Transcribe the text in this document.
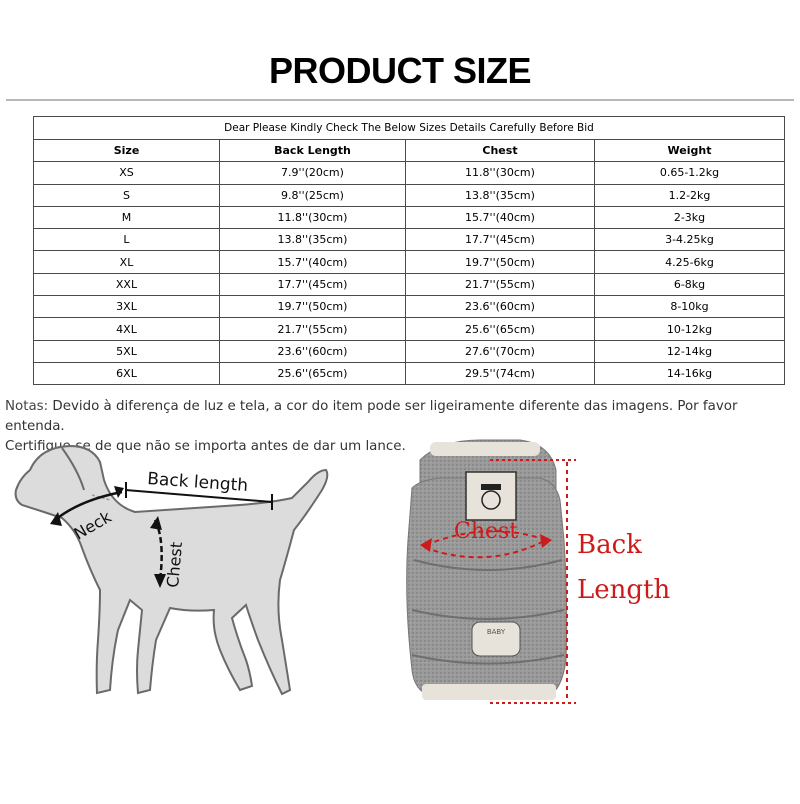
PRODUCT SIZE
Dear Please Kindly Check The Below Sizes Details Carefully Before Bid			
Size	Back Length	Chest	Weight
XS	7.9''(20cm)	11.8''(30cm)	0.65-1.2kg
S	9.8''(25cm)	13.8''(35cm)	1.2-2kg
M	11.8''(30cm)	15.7''(40cm)	2-3kg
L	13.8''(35cm)	17.7''(45cm)	3-4.25kg
XL	15.7''(40cm)	19.7''(50cm)	4.25-6kg
XXL	17.7''(45cm)	21.7''(55cm)	6-8kg
3XL	19.7''(50cm)	23.6''(60cm)	8-10kg
4XL	21.7''(55cm)	25.6''(65cm)	10-12kg
5XL	23.6''(60cm)	27.6''(70cm)	12-14kg
6XL	25.6''(65cm)	29.5''(74cm)	14-16kg
Notas: Devido à diferença de luz e tela, a cor do item pode ser ligeiramente diferente das imagens. Por favor entenda.
Certifique-se de que não se importa antes de dar um lance.
Back length
Neck
Chest
BABY
Chest Back
Length
